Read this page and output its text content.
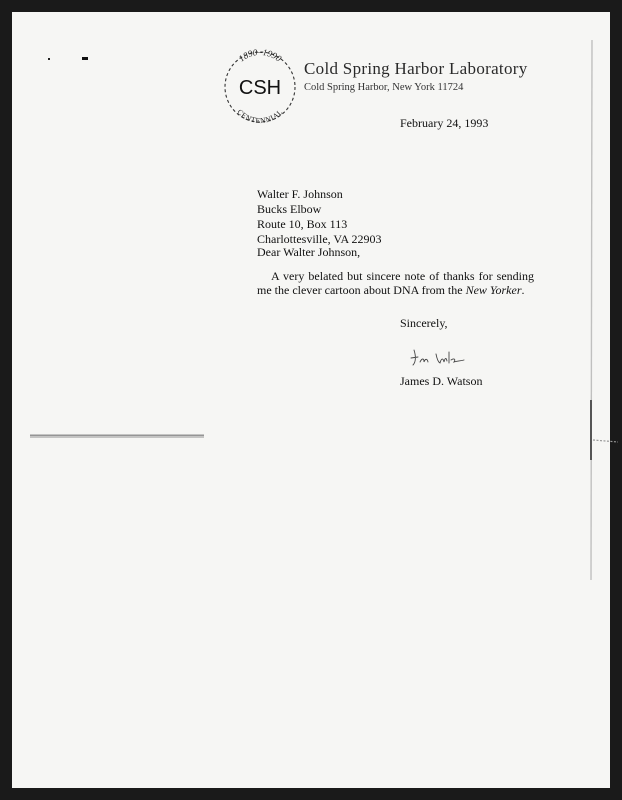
1890–1990
CSH
CENTENNIAL
Cold Spring Harbor Laboratory
Cold Spring Harbor, New York 11724
February 24, 1993
Walter F. Johnson
Bucks Elbow
Route 10, Box 113
Charlottesville, VA 22903
Dear Walter Johnson,
A very belated but sincere note of thanks for sending me the clever cartoon about DNA from the New Yorker.
Sincerely,
James D. Watson
